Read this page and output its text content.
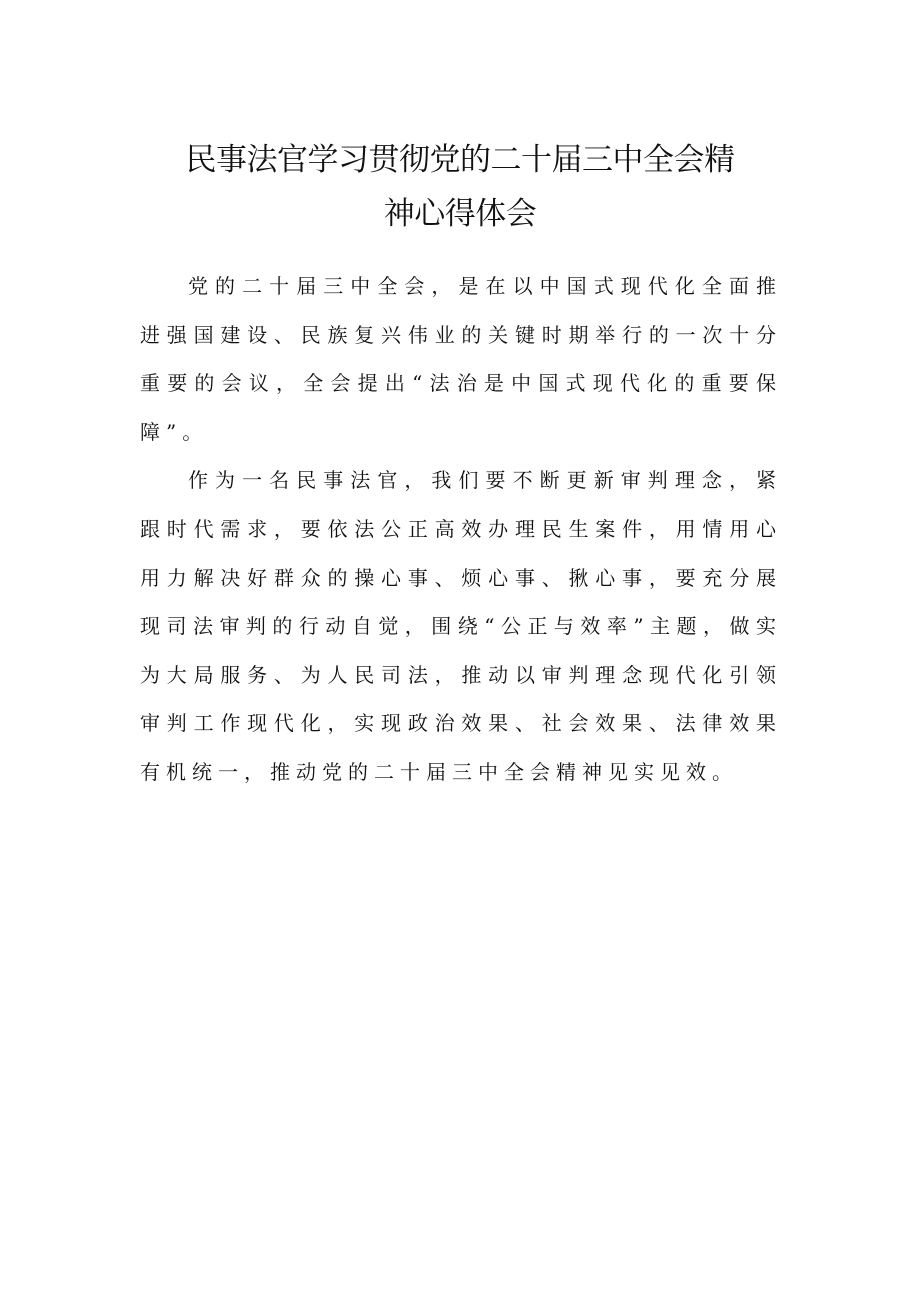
民事法官学习贯彻党的二十届三中全会精
神心得体会

党的二十届三中全会，是在以中国式现代化全面推进强国建设、民族复兴伟业的关键时期举行的一次十分重要的会议，全会提出“法治是中国式现代化的重要保障”。

作为一名民事法官，我们要不断更新审判理念，紧跟时代需求，要依法公正高效办理民生案件，用情用心用力解决好群众的操心事、烦心事、揪心事，要充分展现司法审判的行动自觉，围绕“公正与效率”主题，做实为大局服务、为人民司法，推动以审判理念现代化引领审判工作现代化，实现政治效果、社会效果、法律效果有机统一，推动党的二十届三中全会精神见实见效。
